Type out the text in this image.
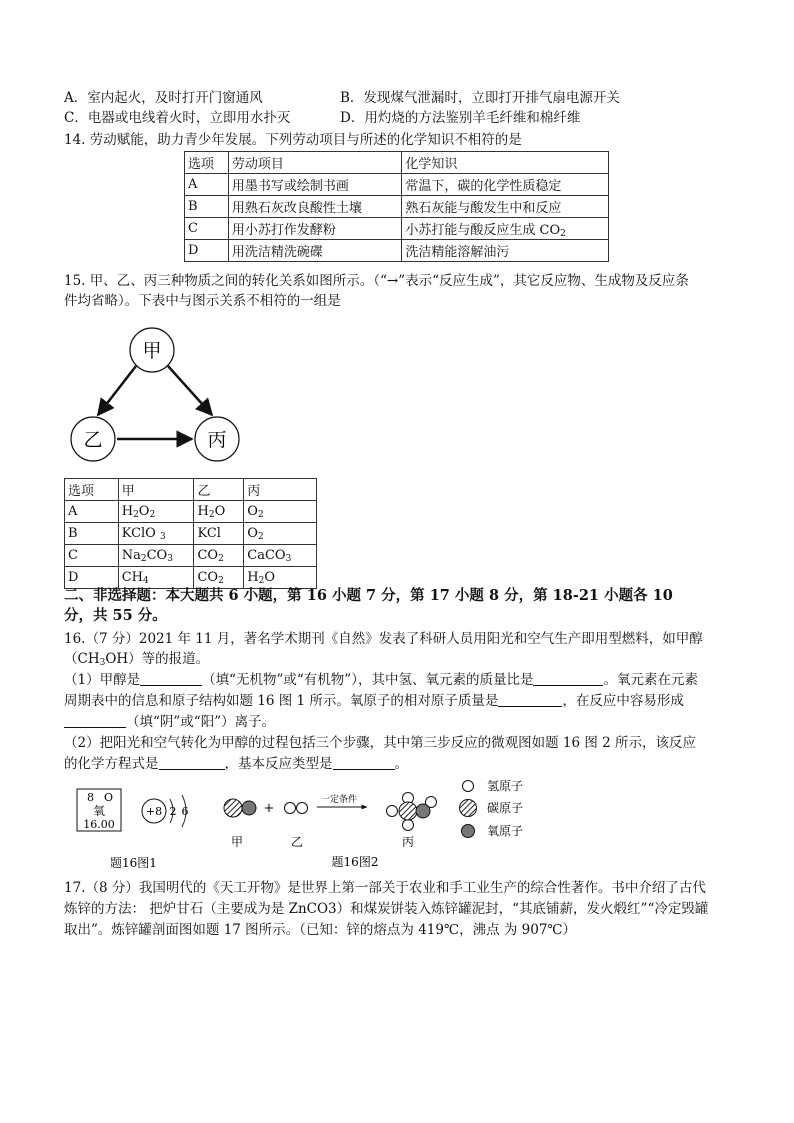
A．室内起火，及时打开门窗通风	B．发现煤气泄漏时，立即打开排气扇电源开关
C．电器或电线着火时，立即用水扑灭	D．用灼烧的方法鉴别羊毛纤维和棉纤维
14. 劳动赋能，助力青少年发展。下列劳动项目与所述的化学知识不相符的是
选项	劳动项目	化学知识
A	用墨书写或绘制书画	常温下，碳的化学性质稳定
B	用熟石灰改良酸性土壤	熟石灰能与酸发生中和反应
C	用小苏打作发酵粉	小苏打能与酸反应生成 $CO_2$
D	用洗洁精洗碗碟	洗洁精能溶解油污
15. 甲、乙、丙三种物质之间的转化关系如图所示。（“→”表示“反应生成”，其它反应物、生成物及反应条
件均省略）。下表中与图示关系不相符的一组是
甲
乙	丙
选项	甲	乙	丙
A	$H_2O_2$	$H_2O$	$O_2$
B	KClO $_3$	KCl	$O_2$
C	$Na_2CO_3$	$CO_2$	CaCO$_3$
D	$CH_4$	$CO_2$	$H_2O$
二、非选择题：本大题共 6 小题，第 16 小题 7 分，第 17 小题 8 分，第 18-21 小题各 10
分，共 55 分。
16.（7 分）2021 年 11 月，著名学术期刊《自然》发表了科研人员用阳光和空气生产即用型燃料，如甲醇
$(CH_3OH)$等的报道。
（1）甲醇是	（填“无机物”或“有机物”），其中氢、氧元素的质量比是	。氧元素在元素
周期表中的信息和原子结构如题 16 图 1 所示。氧原子的相对原子质量是	，在反应中容易形成
（填“阴”或“阳”）离子。
（2）把阳光和空气转化为甲醇的过程包括三个步骤，其中第三步反应的微观图如题 16 图 2 所示，该反应
的化学方程式是	，基本反应类型是	。
8 O
氧
16.00
+8 2 6
题16图1
+
一定条件
氢原子
碳原子
氧原子
甲	乙	丙
题16图2
17.（8 分）我国明代的《天工开物》是世界上第一部关于农业和手工业生产的综合性著作。书中介绍了古代
炼锌的方法： 把炉甘石（主要成为是 ZnCO3）和煤炭饼装入炼锌罐泥封，“其底铺薪，发火煅红”“冷定毁罐
取出”。炼锌罐剖面图如题 17 图所示。（已知：锌的熔点为 419℃，沸点 为 907℃）
